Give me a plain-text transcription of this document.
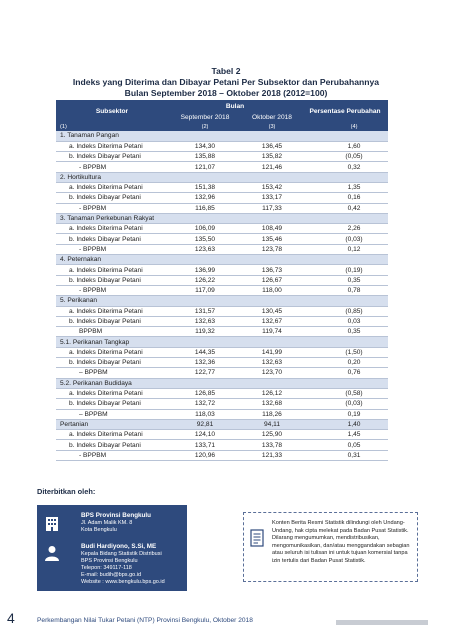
Tabel 2
Indeks yang Diterima dan Dibayar Petani Per Subsektor dan Perubahannya
Bulan September 2018 – Oktober 2018 (2012=100)
Subsektor	Bulan		Persentase Perubahan
	September 2018	Oktober 2018	
(1)	(2)	(3)	(4)
1. Tanaman Pangan			
a. Indeks Diterima Petani	134,30	136,45	1,60
b. Indeks Dibayar Petani	135,88	135,82	(0,05)
- BPPBM	121,07	121,46	0,32
2. Hortikultura			
a. Indeks Diterima Petani	151,38	153,42	1,35
b. Indeks Dibayar Petani	132,96	133,17	0,16
- BPPBM	116,85	117,33	0,42
3. Tanaman Perkebunan Rakyat			
a. Indeks Diterima Petani	106,09	108,49	2,26
b. Indeks Dibayar Petani	135,50	135,46	(0,03)
- BPPBM	123,63	123,78	0,12
4. Peternakan			
a. Indeks Diterima Petani	136,99	136,73	(0,19)
b. Indeks Dibayar Petani	126,22	126,67	0,35
- BPPBM	117,09	118,00	0,78
5. Perikanan			
a. Indeks Diterima Petani	131,57	130,45	(0,85)
b. Indeks Dibayar Petani	132,63	132,67	0,03
BPPBM	119,32	119,74	0,35
5.1. Perikanan Tangkap			
a. Indeks Diterima Petani	144,35	141,99	(1,50)
b. Indeks Dibayar Petani	132,36	132,63	0,20
– BPPBM	122,77	123,70	0,76
5.2. Perikanan Budidaya			
a. Indeks Diterima Petani	126,85	126,12	(0,58)
b. Indeks Dibayar Petani	132,72	132,68	(0,03)
– BPPBM	118,03	118,26	0,19
Pertanian	92,81	94,11	1,40
a. Indeks Diterima Petani	124,10	125,90	1,45
b. Indeks Dibayar Petani	133,71	133,78	0,05
- BPPBM	120,96	121,33	0,31
Diterbitkan oleh:
BPS Provinsi Bengkulu
Jl. Adam Malik KM. 8
Kota Bengkulu
Budi Hardiyono, S.Si, ME
Kepala Bidang Statistik Distribusi
BPS Provinsi Bengkulu
Telepon: 349117-118
E-mail: budih@bps.go.id
Website : www.bengkulu.bps.go.id
Konten Berita Resmi Statistik dilindungi oleh Undang-Undang, hak cipta melekat pada Badan Pusat Statistik. Dilarang mengumumkan, mendistribusikan, mengomunikasikan, dan/atau menggandakan sebagian atau seluruh isi tulisan ini untuk tujuan komersial tanpa izin tertulis dari Badan Pusat Statistik.
4	Perkembangan Nilai Tukar Petani (NTP) Provinsi Bengkulu, Oktober 2018
